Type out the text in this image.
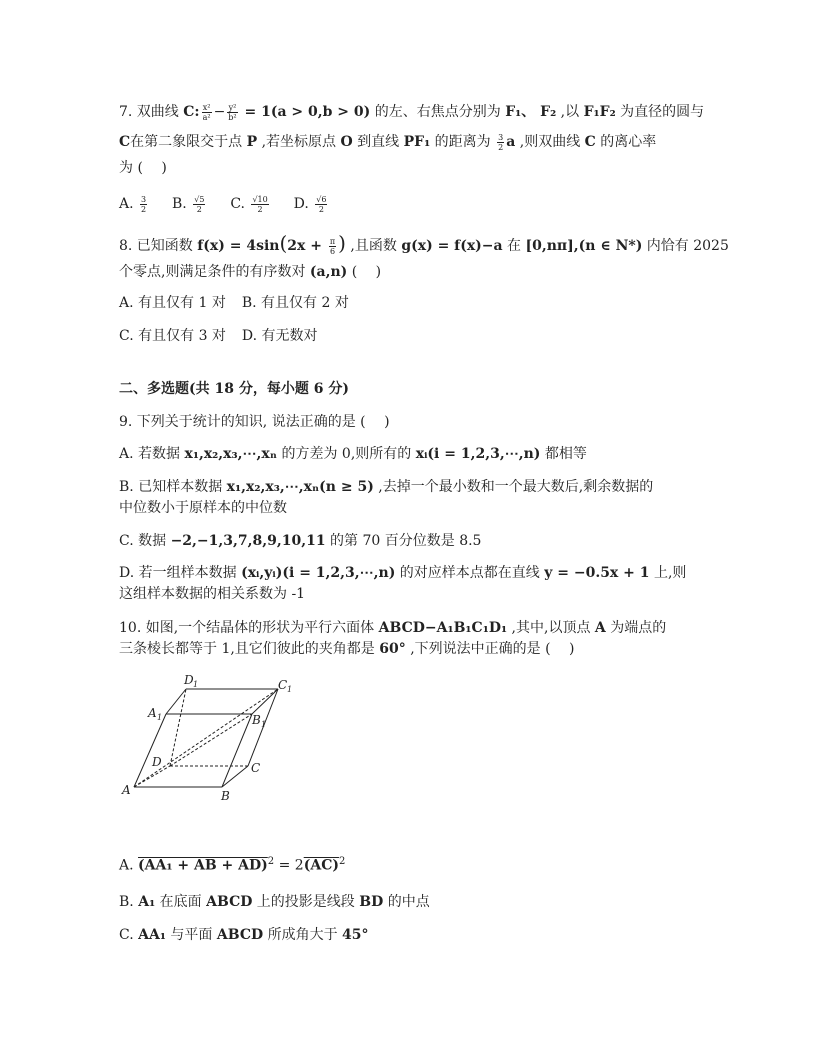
7. 双曲线 C: $\frac{\text{x²}}{\text{a²}} - \frac{\text{y²}}{\text{b²}} = 1(a > 0,b > 0)$ 的左、右焦点分别为 F₁、 F₂ ,以 F₁F₂ 为直径的圆与
C在第二象限交于点 P ,若坐标原点 O 到直线 PF₁ 的距离为 $\frac{3}{2}$ a ,则双曲线 C 的离心率
为 (　 )
A. $\frac{3}{2} B$. $\frac{√5}{2} C$. $\frac{√10}{2} D$. $\frac{√6}{2}$
8. 已知函数 $f(x) = 4\sin(2x + \frac{\pi}{6}$ ) ,且函数 g(x) = f(x)−a 在 [0,nπ],(n ∈ N*) 内恰有 2025
个零点,则满足条件的有序数对 (a,n) (　 )
A. 有且仅有 1 对 B. 有且仅有 2 对
C. 有且仅有 3 对 D. 有无数对
二、多选题(共 18 分，每小题 6 分)
9. 下列关于统计的知识, 说法正确的是 (　 )
A. 若数据 x₁,x₂,x₃,⋯,xₙ 的方差为 0,则所有的 xᵢ(i = 1,2,3,⋯,n) 都相等
B. 已知样本数据 x₁,x₂,x₃,⋯,xₙ(n ≥ 5) ,去掉一个最小数和一个最大数后,剩余数据的
中位数小于原样本的中位数
C. 数据 −2,−1,3,7,8,9,10,11 的第 70 百分位数是 8.5
D. 若一组样本数据 (xᵢ,yᵢ)(i = 1,2,3,⋯,n) 的对应样本点都在直线 y = −0.5x + 1 上,则
这组样本数据的相关系数为 -1
10. 如图,一个结晶体的形状为平行六面体 ABCD−A₁B₁C₁D₁ ,其中,以顶点 A 为端点的
三条棱长都等于 1,且它们彼此的夹角都是 60° ,下列说法中正确的是 (　 )
A	B
C
D
A 1	B 1
C 1
D 1
A. (AA₁ + AB + AD)$^2$ = 2(AC)$^2$
B. A₁ 在底面 ABCD 上的投影是线段 BD 的中点
C. AA₁ 与平面 ABCD 所成角大于 45°
